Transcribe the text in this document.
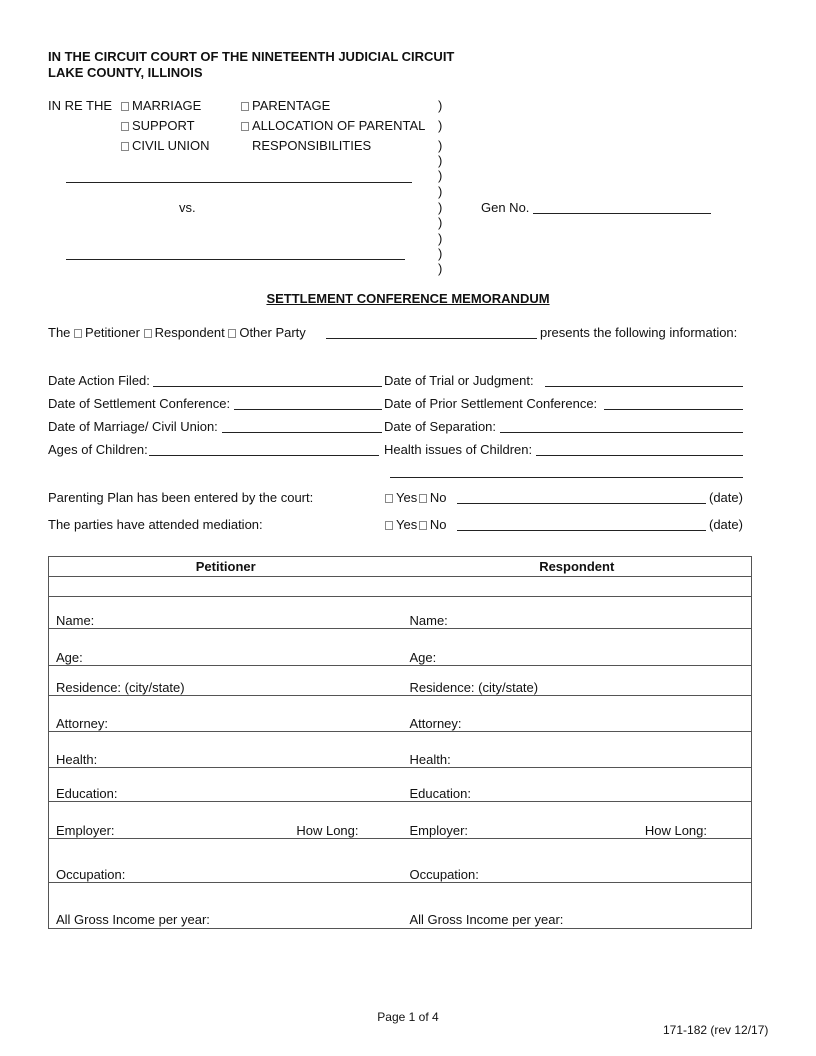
IN THE CIRCUIT COURT OF THE NINETEENTH JUDICIAL CIRCUIT
LAKE COUNTY, ILLINOIS
IN RE THE	MARRIAGE
SUPPORT
CIVIL UNION
PARENTAGE
ALLOCATION OF PARENTAL
RESPONSIBILITIES
)
)
)
)
)
)
)
)
)
)
)
vs.	Gen No.
SETTLEMENT CONFERENCE MEMORANDUM
The Petitioner Respondent Other Party	presents the following information:
Date Action Filed:	Date of Trial or Judgment:
Date of Settlement Conference:	Date of Prior Settlement Conference:
Date of Marriage/ Civil Union:	Date of Separation:
Ages of Children:	Health issues of Children:
Parenting Plan has been entered by the court:	Yes No	(date)
The parties have attended mediation:	Yes No	(date)
Petitioner	Respondent

Name:	Name:
Age:	Age:
Residence: (city/state)	Residence: (city/state)
Attorney:	Attorney:
Health:	Health:
Education:	Education:

Employer: How Long:	Employer: How Long:

Occupation:	Occupation:
All Gross Income per year:	All Gross Income per year:
Page 1 of 4
171-182 (rev 12/17)
